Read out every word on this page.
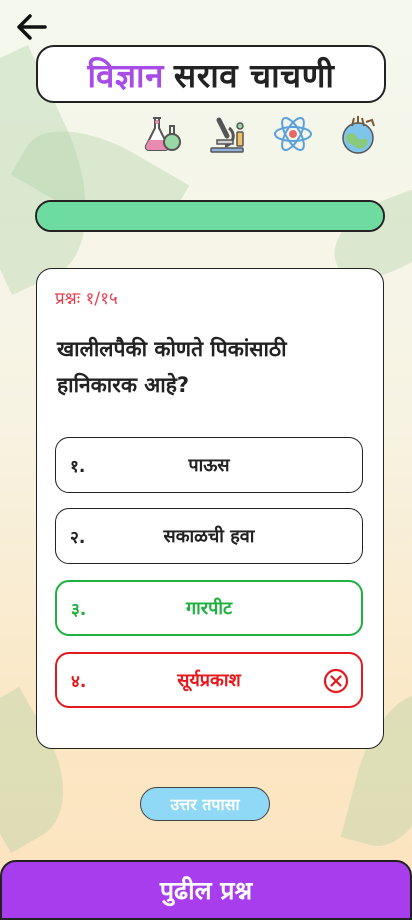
विज्ञान सराव चाचणी
प्रश्नः १/१५
खालीलपैकी कोणते पिकांसाठी हानिकारक आहे?
१.	पाऊस
२.	सकाळची हवा
३.	गारपीट
४.	सूर्यप्रकाश
उत्तर तपासा
पुढील प्रश्न
